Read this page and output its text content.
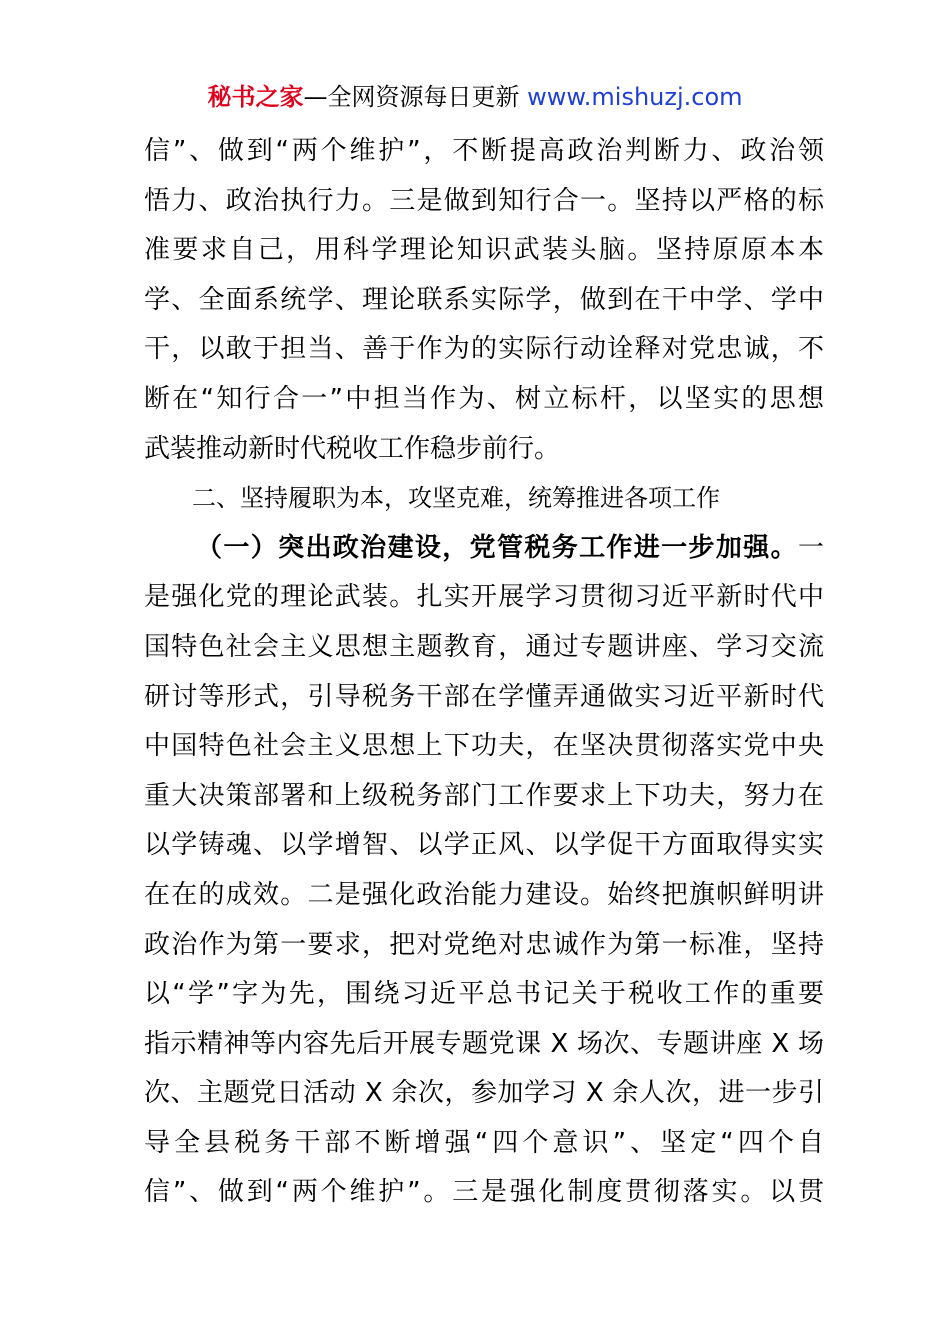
秘书之家—全网资源每日更新 www.mishuzj.com
信”、做到“两个维护”，不断提高政治判断力、政治领
悟力、政治执行力。三是做到知行合一。坚持以严格的标
准要求自己，用科学理论知识武装头脑。坚持原原本本
学、全面系统学、理论联系实际学，做到在干中学、学中
干，以敢于担当、善于作为的实际行动诠释对党忠诚，不
断在“知行合一”中担当作为、树立标杆，以坚实的思想
武装推动新时代税收工作稳步前行。
二、坚持履职为本，攻坚克难，统筹推进各项工作
（一）突出政治建设，党管税务工作进一步加强。一
是强化党的理论武装。扎实开展学习贯彻习近平新时代中
国特色社会主义思想主题教育，通过专题讲座、学习交流
研讨等形式，引导税务干部在学懂弄通做实习近平新时代
中国特色社会主义思想上下功夫，在坚决贯彻落实党中央
重大决策部署和上级税务部门工作要求上下功夫，努力在
以学铸魂、以学增智、以学正风、以学促干方面取得实实
在在的成效。二是强化政治能力建设。始终把旗帜鲜明讲
政治作为第一要求，把对党绝对忠诚作为第一标准，坚持
以“学”字为先，围绕习近平总书记关于税收工作的重要
指示精神等内容先后开展专题党课 X 场次、专题讲座 X 场
次、主题党日活动 X 余次，参加学习 X 余人次，进一步引
导全县税务干部不断增强“四个意识”、坚定“四个自
信”、做到“两个维护”。三是强化制度贯彻落实。以贯
